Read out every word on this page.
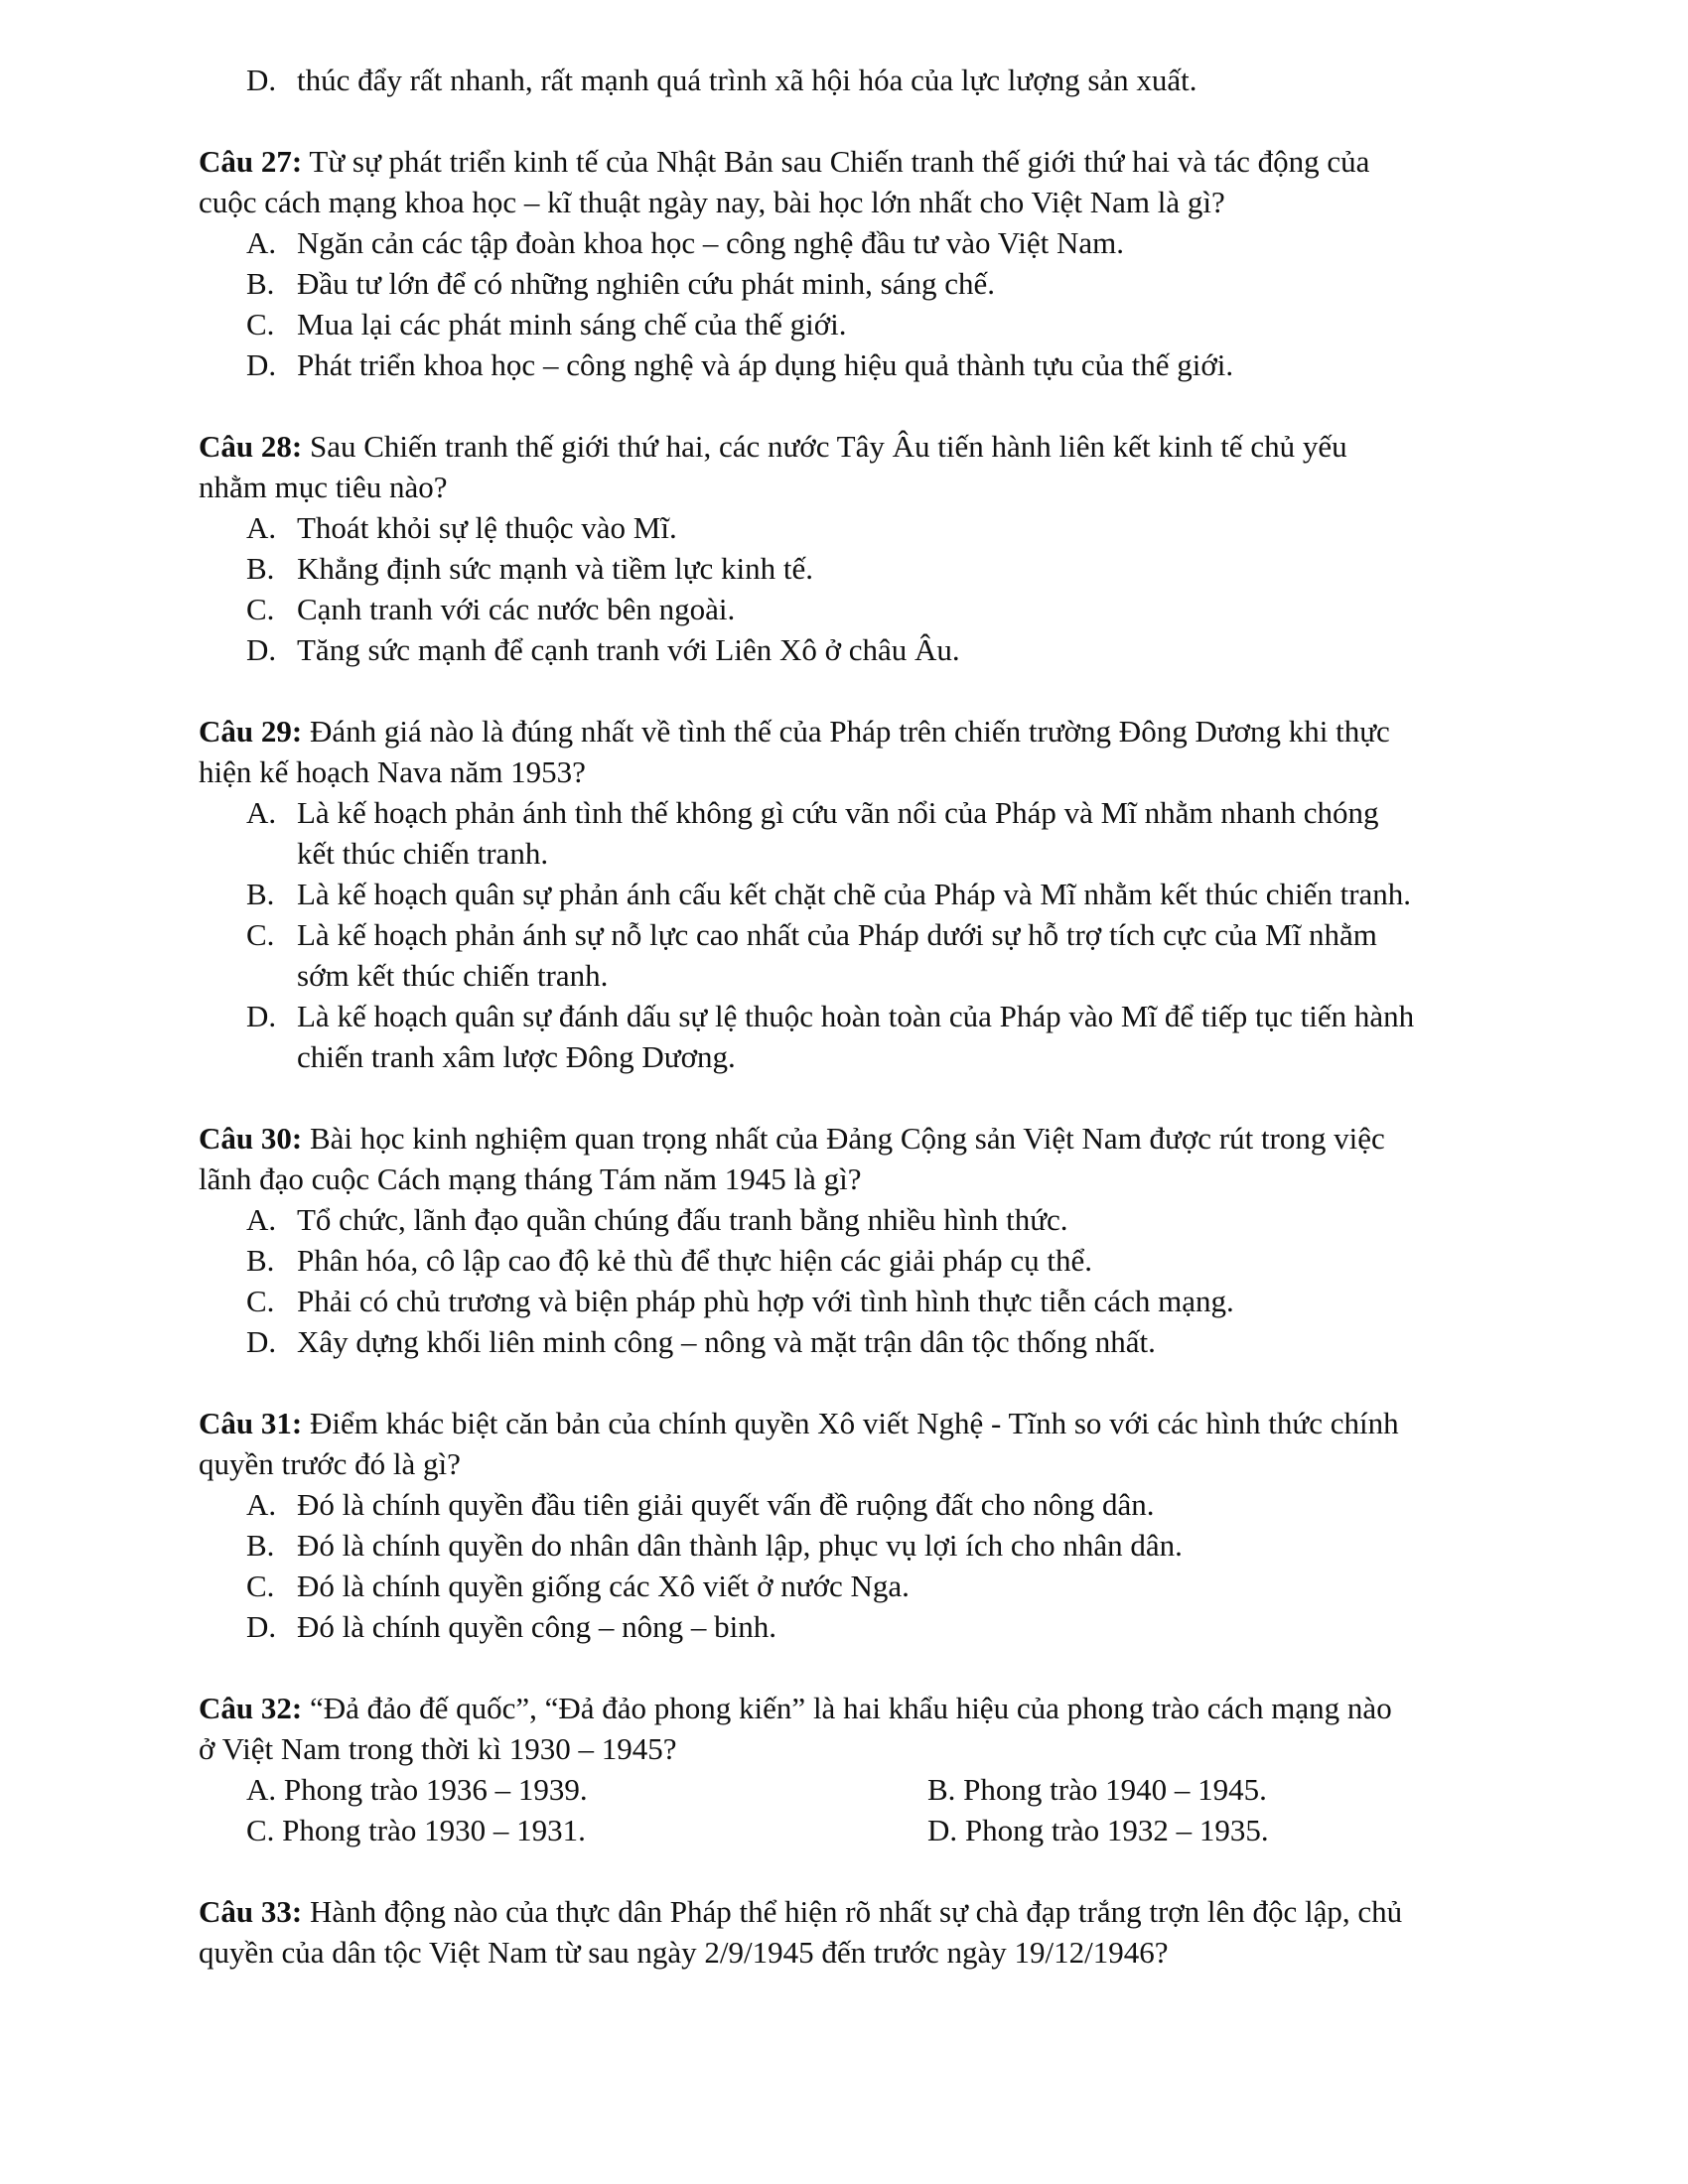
D. thúc đẩy rất nhanh, rất mạnh quá trình xã hội hóa của lực lượng sản xuất.
Câu 27: Từ sự phát triển kinh tế của Nhật Bản sau Chiến tranh thế giới thứ hai và tác động của
cuộc cách mạng khoa học – kĩ thuật ngày nay, bài học lớn nhất cho Việt Nam là gì?
A. Ngăn cản các tập đoàn khoa học – công nghệ đầu tư vào Việt Nam.
B. Đầu tư lớn để có những nghiên cứu phát minh, sáng chế.
C. Mua lại các phát minh sáng chế của thế giới.
D. Phát triển khoa học – công nghệ và áp dụng hiệu quả thành tựu của thế giới.
Câu 28: Sau Chiến tranh thế giới thứ hai, các nước Tây Âu tiến hành liên kết kinh tế chủ yếu
nhằm mục tiêu nào?
A. Thoát khỏi sự lệ thuộc vào Mĩ.
B. Khẳng định sức mạnh và tiềm lực kinh tế.
C. Cạnh tranh với các nước bên ngoài.
D. Tăng sức mạnh để cạnh tranh với Liên Xô ở châu Âu.
Câu 29: Đánh giá nào là đúng nhất về tình thế của Pháp trên chiến trường Đông Dương khi thực
hiện kế hoạch Nava năm 1953?
A. Là kế hoạch phản ánh tình thế không gì cứu vãn nổi của Pháp và Mĩ nhằm nhanh chóng
kết thúc chiến tranh.
B. Là kế hoạch quân sự phản ánh cấu kết chặt chẽ của Pháp và Mĩ nhằm kết thúc chiến tranh.
C. Là kế hoạch phản ánh sự nỗ lực cao nhất của Pháp dưới sự hỗ trợ tích cực của Mĩ nhằm
sớm kết thúc chiến tranh.
D. Là kế hoạch quân sự đánh dấu sự lệ thuộc hoàn toàn của Pháp vào Mĩ để tiếp tục tiến hành
chiến tranh xâm lược Đông Dương.
Câu 30: Bài học kinh nghiệm quan trọng nhất của Đảng Cộng sản Việt Nam được rút trong việc
lãnh đạo cuộc Cách mạng tháng Tám năm 1945 là gì?
A. Tổ chức, lãnh đạo quần chúng đấu tranh bằng nhiều hình thức.
B. Phân hóa, cô lập cao độ kẻ thù để thực hiện các giải pháp cụ thể.
C. Phải có chủ trương và biện pháp phù hợp với tình hình thực tiễn cách mạng.
D. Xây dựng khối liên minh công – nông và mặt trận dân tộc thống nhất.
Câu 31: Điểm khác biệt căn bản của chính quyền Xô viết Nghệ - Tĩnh so với các hình thức chính
quyền trước đó là gì?
A. Đó là chính quyền đầu tiên giải quyết vấn đề ruộng đất cho nông dân.
B. Đó là chính quyền do nhân dân thành lập, phục vụ lợi ích cho nhân dân.
C. Đó là chính quyền giống các Xô viết ở nước Nga.
D. Đó là chính quyền công – nông – binh.
Câu 32: “Đả đảo đế quốc”, “Đả đảo phong kiến” là hai khẩu hiệu của phong trào cách mạng nào
ở Việt Nam trong thời kì 1930 – 1945?
A. Phong trào 1936 – 1939.	B. Phong trào 1940 – 1945.
C. Phong trào 1930 – 1931.	D. Phong trào 1932 – 1935.
Câu 33: Hành động nào của thực dân Pháp thể hiện rõ nhất sự chà đạp trắng trợn lên độc lập, chủ
quyền của dân tộc Việt Nam từ sau ngày 2/9/1945 đến trước ngày 19/12/1946?
